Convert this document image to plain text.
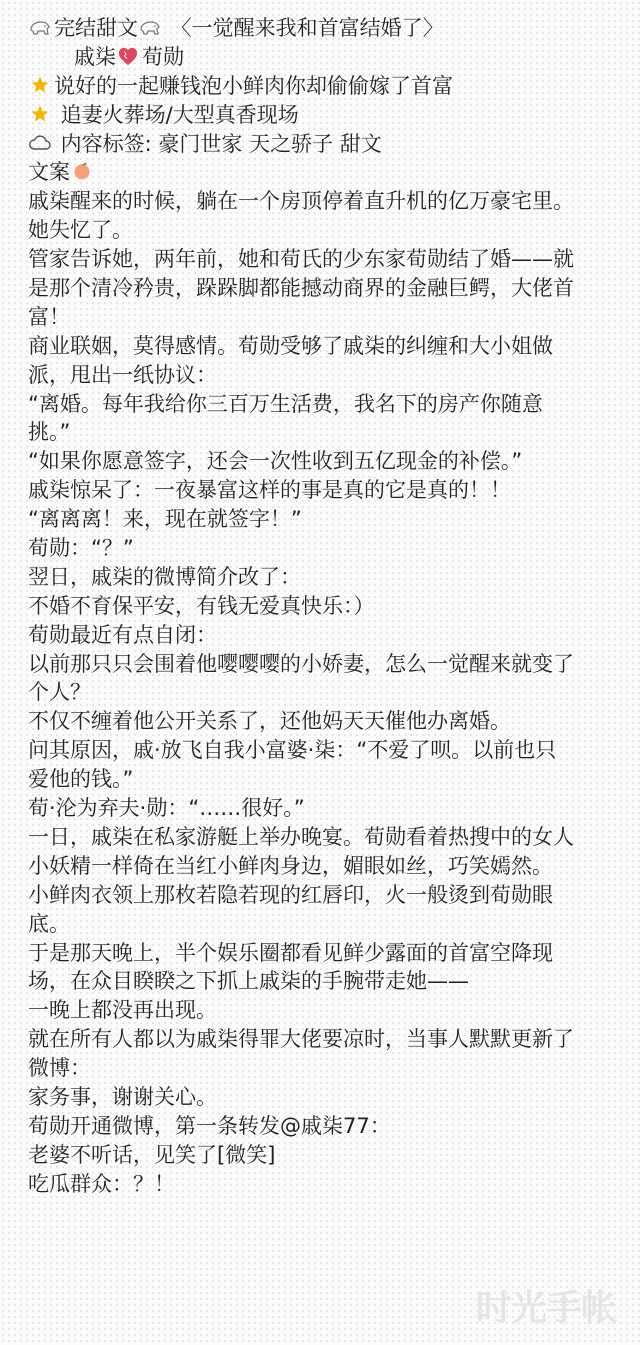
完结甜文
〈一觉醒来我和首富结婚了〉
戚柒 荀勋
说好的一起赚钱泡小鲜肉你却偷偷嫁了首富
追妻火葬场/大型真香现场
内容标签: 豪门世家 天之骄子 甜文
文案
戚柒醒来的时候，躺在一个房顶停着直升机的亿万豪宅里。
她失忆了。
管家告诉她，两年前，她和荀氏的少东家荀勋结了婚——就
是那个清冷矜贵，跺跺脚都能撼动商界的金融巨鳄，大佬首
富！
商业联姻，莫得感情。荀勋受够了戚柒的纠缠和大小姐做
派，甩出一纸协议：
“离婚。每年我给你三百万生活费，我名下的房产你随意
挑。”
“如果你愿意签字，还会一次性收到五亿现金的补偿。”
戚柒惊呆了：一夜暴富这样的事是真的它是真的！！
“离离离！来，现在就签字！”
荀勋：“？”
翌日，戚柒的微博简介改了：
不婚不育保平安，有钱无爱真快乐：）
荀勋最近有点自闭：
以前那只只会围着他嘤嘤嘤的小娇妻，怎么一觉醒来就变了
个人？
不仅不缠着他公开关系了，还他妈天天催他办离婚。
问其原因，戚·放飞自我小富婆·柒：“不爱了呗。以前也只
爱他的钱。”
荀·沦为弃夫·勋：“……很好。”
一日，戚柒在私家游艇上举办晚宴。荀勋看着热搜中的女人
小妖精一样倚在当红小鲜肉身边，媚眼如丝，巧笑嫣然。
小鲜肉衣领上那枚若隐若现的红唇印，火一般烫到荀勋眼
底。
于是那天晚上，半个娱乐圈都看见鲜少露面的首富空降现
场，在众目睽睽之下抓上戚柒的手腕带走她——
一晚上都没再出现。
就在所有人都以为戚柒得罪大佬要凉时，当事人默默更新了
微博：
家务事，谢谢关心。
荀勋开通微博，第一条转发@戚柒77：
老婆不听话，见笑了[微笑]
吃瓜群众：？！
时光手帐
